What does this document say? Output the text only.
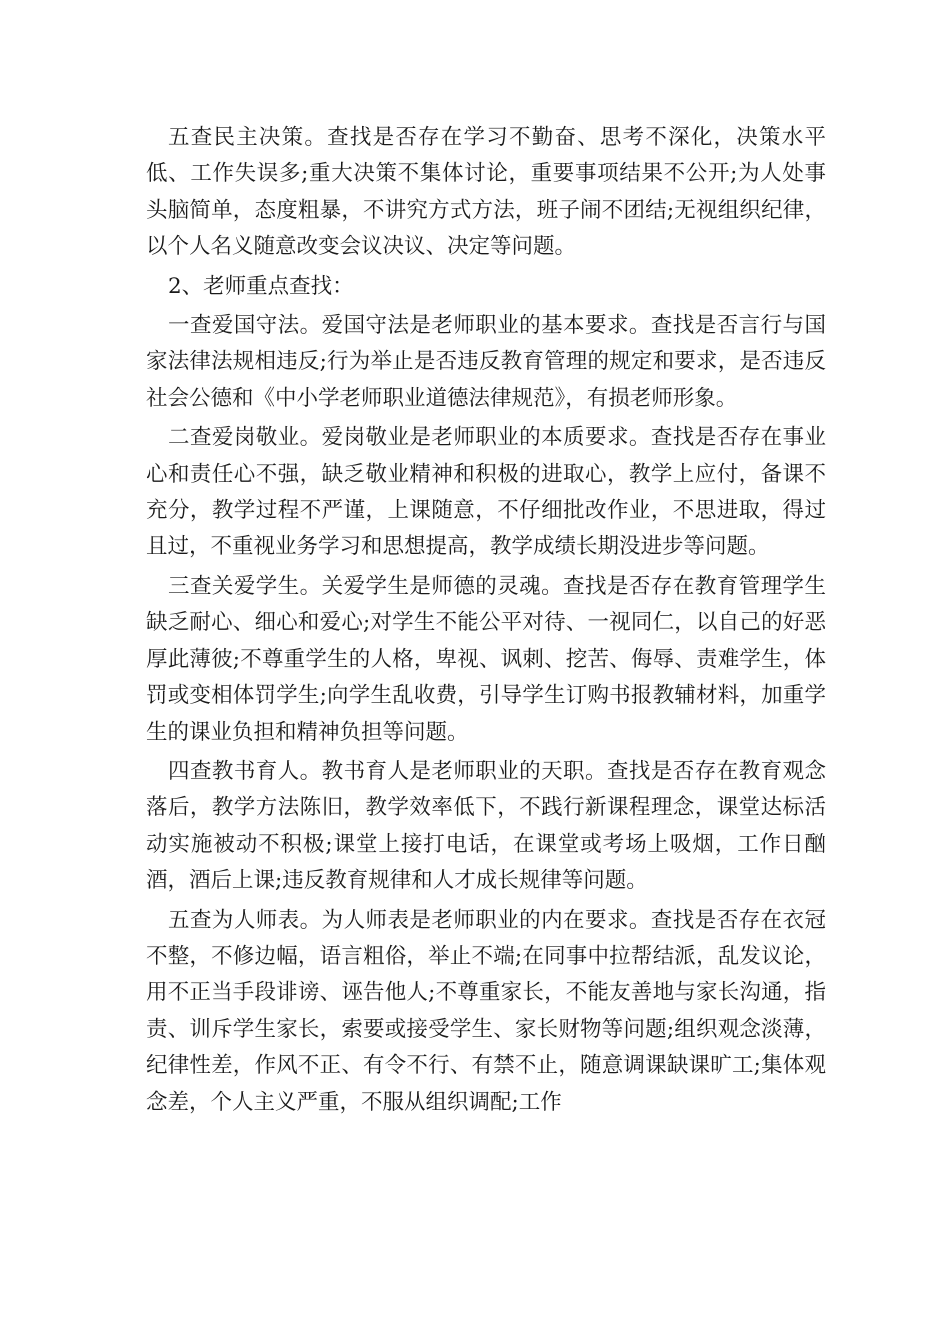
五查民主决策。查找是否存在学习不勤奋、思考不深化，决策水平低、工作失误多;重大决策不集体讨论，重要事项结果不公开;为人处事头脑简单，态度粗暴，不讲究方式方法，班子闹不团结;无视组织纪律，以个人名义随意改变会议决议、决定等问题。

2、老师重点查找：

一查爱国守法。爱国守法是老师职业的基本要求。查找是否言行与国家法律法规相违反;行为举止是否违反教育管理的规定和要求，是否违反社会公德和《中小学老师职业道德法律规范》，有损老师形象。

二查爱岗敬业。爱岗敬业是老师职业的本质要求。查找是否存在事业心和责任心不强，缺乏敬业精神和积极的进取心，教学上应付，备课不充分，教学过程不严谨，上课随意，不仔细批改作业，不思进取，得过且过，不重视业务学习和思想提高，教学成绩长期没进步等问题。

三查关爱学生。关爱学生是师德的灵魂。查找是否存在教育管理学生缺乏耐心、细心和爱心;对学生不能公平对待、一视同仁，以自己的好恶厚此薄彼;不尊重学生的人格，卑视、讽刺、挖苦、侮辱、责难学生，体罚或变相体罚学生;向学生乱收费，引导学生订购书报教辅材料，加重学生的课业负担和精神负担等问题。

四查教书育人。教书育人是老师职业的天职。查找是否存在教育观念落后，教学方法陈旧，教学效率低下，不践行新课程理念，课堂达标活动实施被动不积极;课堂上接打电话，在课堂或考场上吸烟，工作日酗酒，酒后上课;违反教育规律和人才成长规律等问题。

五查为人师表。为人师表是老师职业的内在要求。查找是否存在衣冠不整，不修边幅，语言粗俗，举止不端;在同事中拉帮结派，乱发议论，用不正当手段诽谤、诬告他人;不尊重家长，不能友善地与家长沟通，指责、训斥学生家长，索要或接受学生、家长财物等问题;组织观念淡薄，纪律性差，作风不正、有令不行、有禁不止，随意调课缺课旷工;集体观念差，个人主义严重，不服从组织调配;工作
